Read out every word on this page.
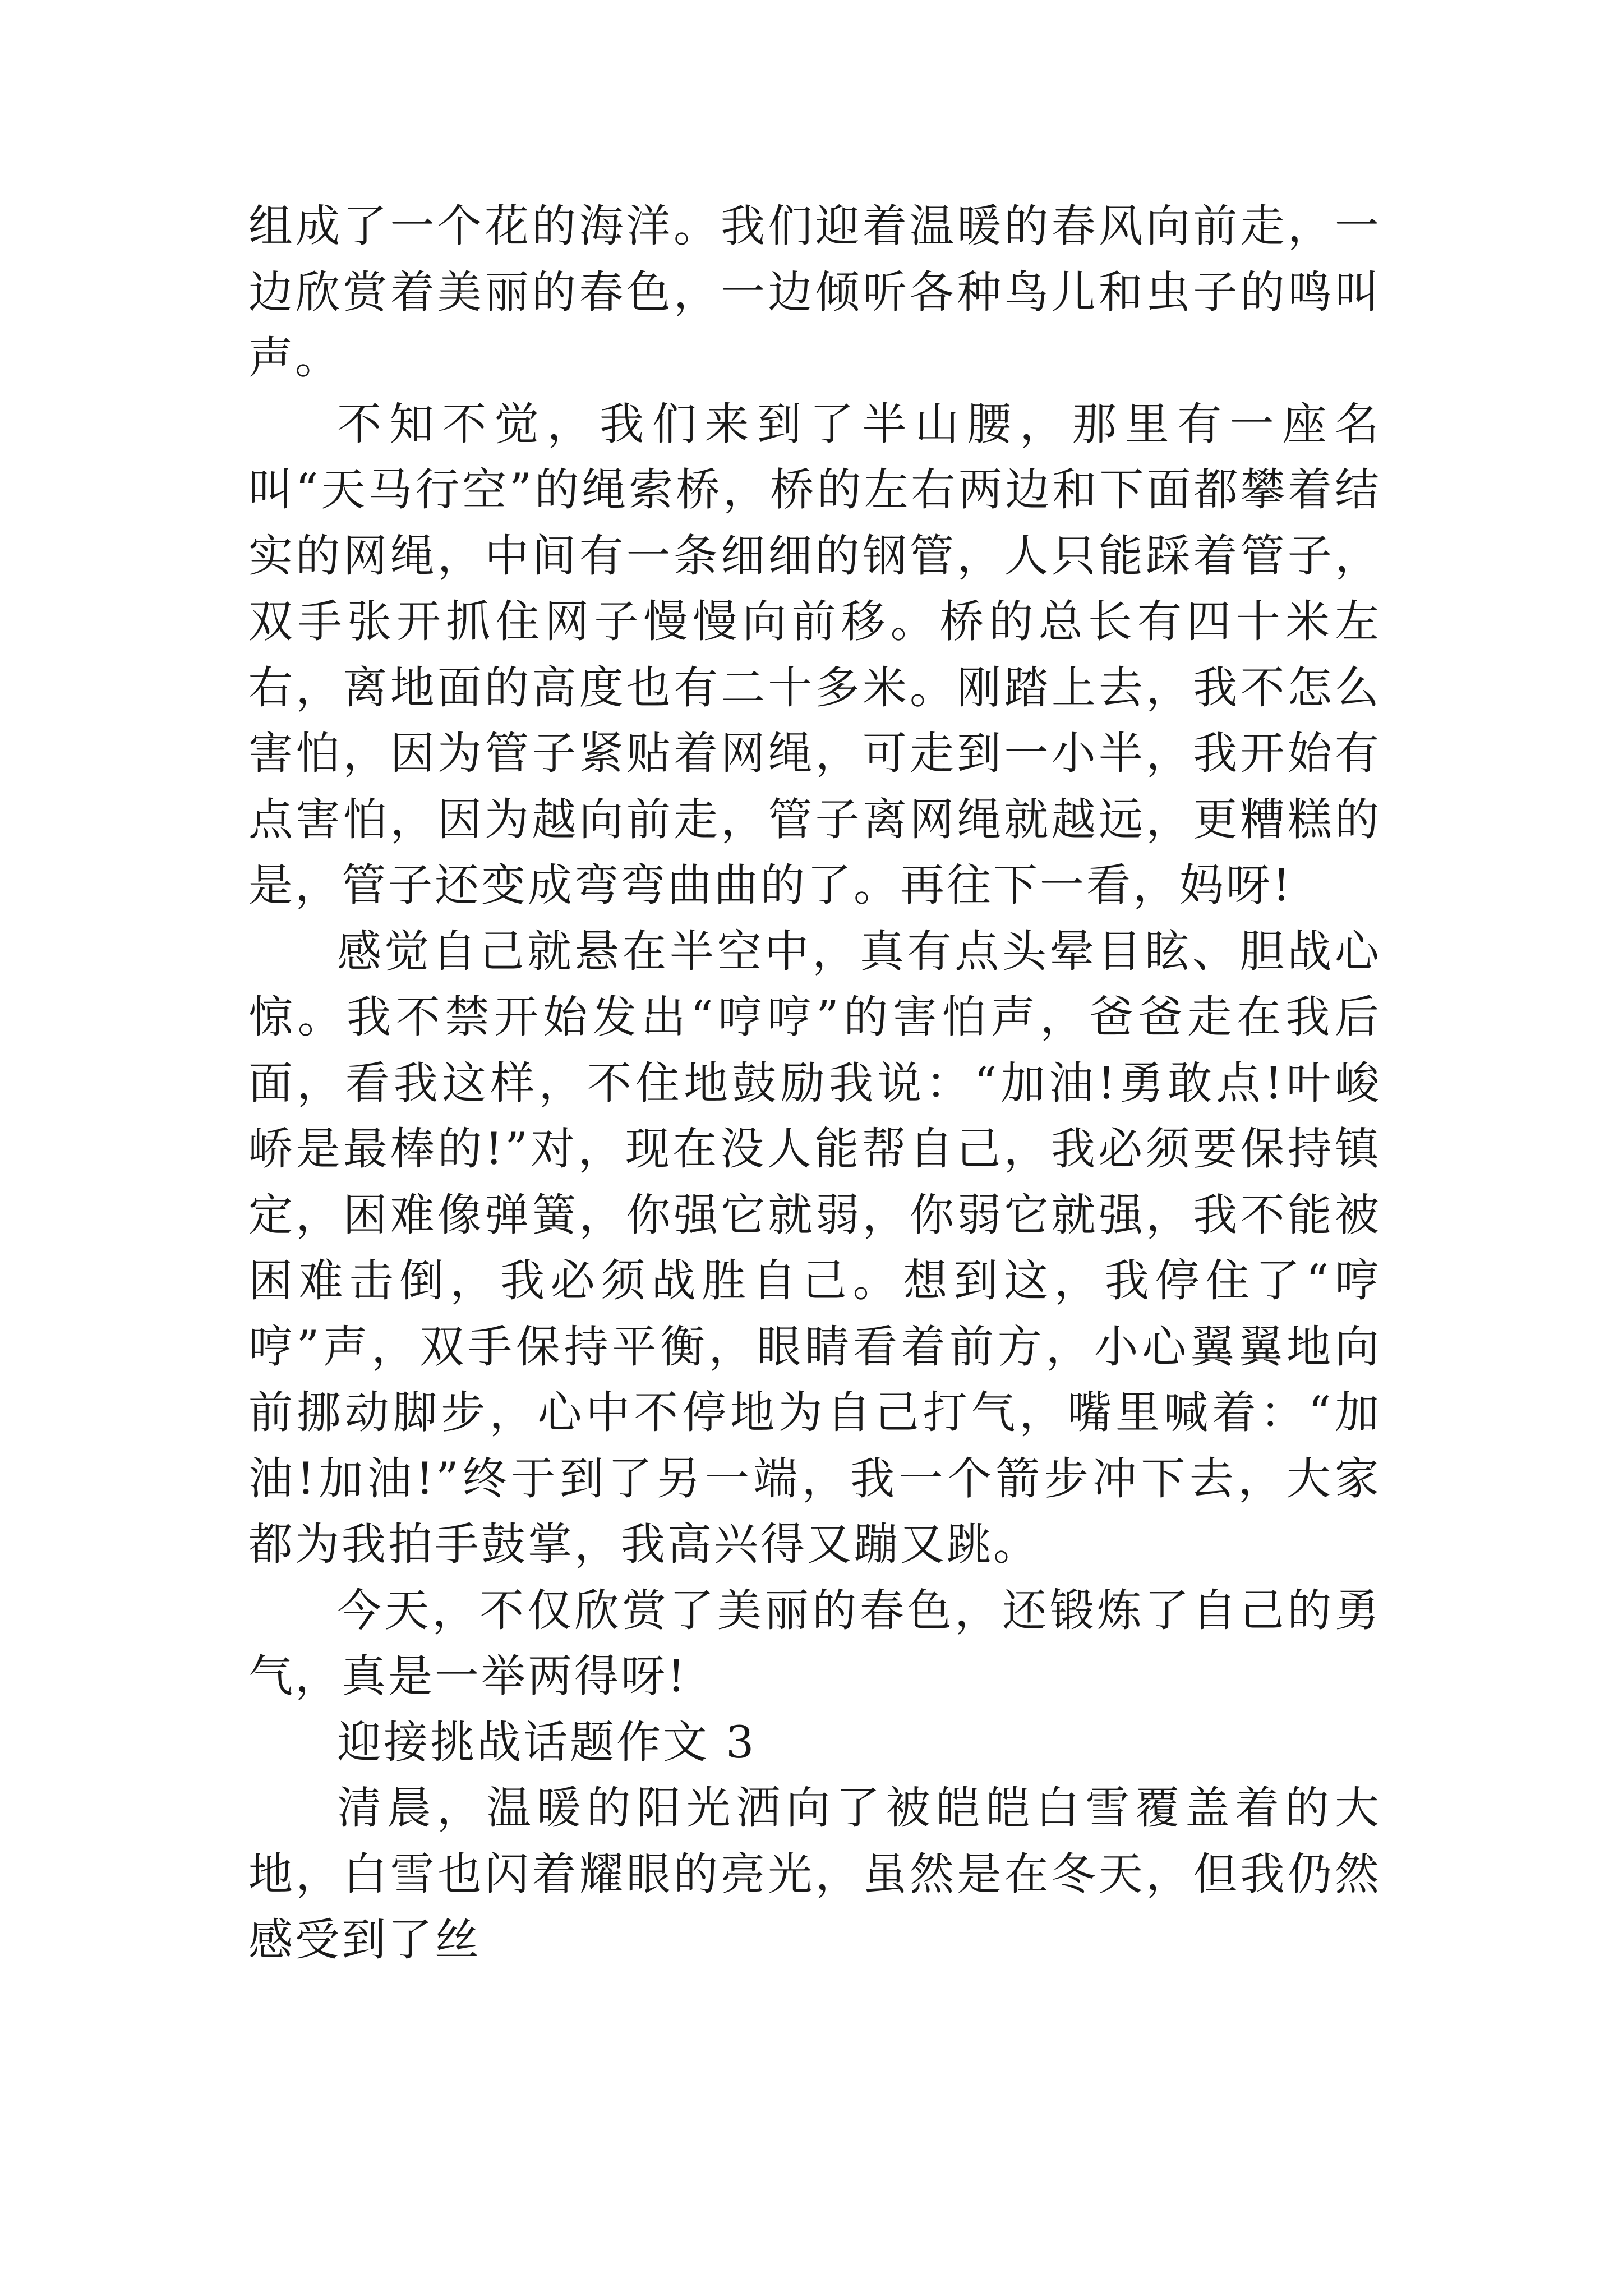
组成了一个花的海洋。我们迎着温暖的春风向前走，一边欣赏着美丽的春色，一边倾听各种鸟儿和虫子的鸣叫声。

不知不觉，我们来到了半山腰，那里有一座名叫“天马行空”的绳索桥，桥的左右两边和下面都攀着结实的网绳，中间有一条细细的钢管，人只能踩着管子，双手张开抓住网子慢慢向前移。桥的总长有四十米左右，离地面的高度也有二十多米。刚踏上去，我不怎么害怕，因为管子紧贴着网绳，可走到一小半，我开始有点害怕，因为越向前走，管子离网绳就越远，更糟糕的是，管子还变成弯弯曲曲的了。再往下一看，妈呀!

感觉自己就悬在半空中，真有点头晕目眩、胆战心惊。我不禁开始发出“哼哼”的害怕声，爸爸走在我后面，看我这样，不住地鼓励我说：“加油!勇敢点!叶峻峤是最棒的!”对，现在没人能帮自己，我必须要保持镇定，困难像弹簧，你强它就弱，你弱它就强，我不能被困难击倒，我必须战胜自己。想到这，我停住了“哼哼”声，双手保持平衡，眼睛看着前方，小心翼翼地向前挪动脚步，心中不停地为自己打气，嘴里喊着：“加油!加油!”终于到了另一端，我一个箭步冲下去，大家都为我拍手鼓掌，我高兴得又蹦又跳。

今天，不仅欣赏了美丽的春色，还锻炼了自己的勇气，真是一举两得呀!

迎接挑战话题作文 3

清晨，温暖的阳光洒向了被皑皑白雪覆盖着的大地，白雪也闪着耀眼的亮光，虽然是在冬天，但我仍然感受到了丝
